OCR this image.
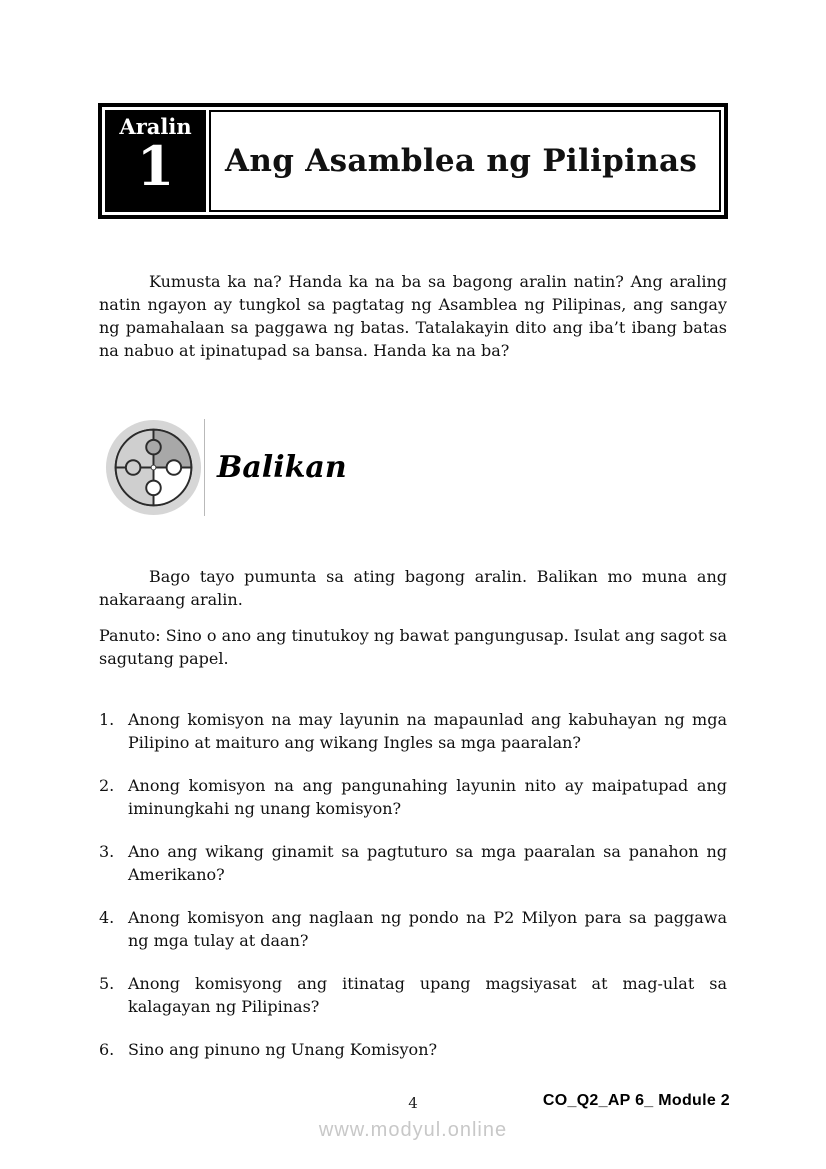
Aralin
1 Ang Asamblea ng Pilipinas

Kumusta ka na? Handa ka na ba sa bagong aralin natin? Ang araling natin ngayon ay tungkol sa pagtatag ng Asamblea ng Pilipinas, ang sangay ng pamahalaan sa paggawa ng batas. Tatalakayin dito ang iba’t ibang batas na nabuo at ipinatupad sa bansa. Handa ka na ba?

Balikan

Bago tayo pumunta sa ating bagong aralin. Balikan mo muna ang nakaraang aralin.

Panuto: Sino o ano ang tinutukoy ng bawat pangungusap. Isulat ang sagot sa sagutang papel.

1. Anong komisyon na may layunin na mapaunlad ang kabuhayan ng mga Pilipino at maituro ang wikang Ingles sa mga paaralan?
2. Anong komisyon na ang pangunahing layunin nito ay maipatupad ang iminungkahi ng unang komisyon?
3. Ano ang wikang ginamit sa pagtuturo sa mga paaralan sa panahon ng Amerikano?
4. Anong komisyon ang naglaan ng pondo na P2 Milyon para sa paggawa ng mga tulay at daan?
5. Anong komisyong ang itinatag upang magsiyasat at mag-ulat sa kalagayan ng Pilipinas?
6. Sino ang pinuno ng Unang Komisyon?
4	CO_Q2_AP 6_ Module 2
www.modyul.online
